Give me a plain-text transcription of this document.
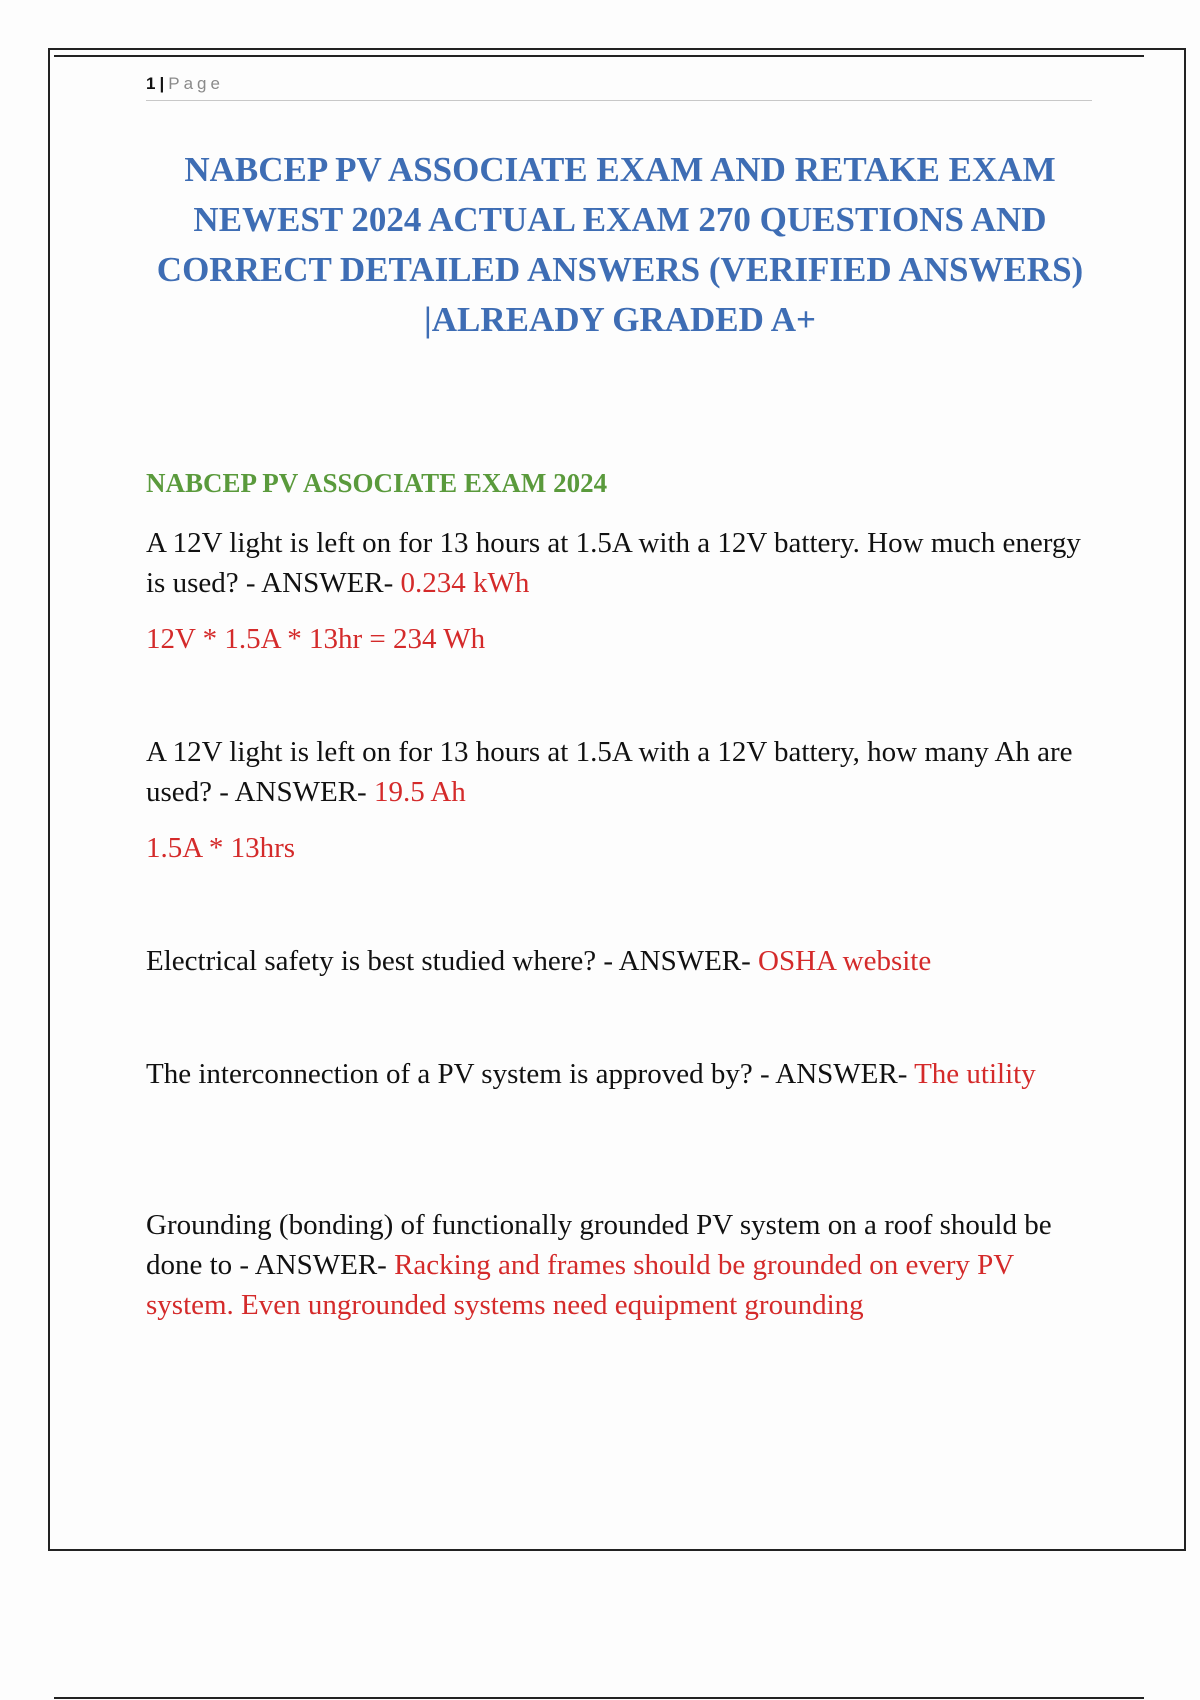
1 | Page
NABCEP PV ASSOCIATE EXAM AND RETAKE EXAM NEWEST 2024 ACTUAL EXAM 270 QUESTIONS AND CORRECT DETAILED ANSWERS (VERIFIED ANSWERS) |ALREADY GRADED A+
NABCEP PV ASSOCIATE EXAM 2024

A 12V light is left on for 13 hours at 1.5A with a 12V battery. How much energy is used? - ANSWER- 0.234 kWh

12V * 1.5A * 13hr = 234 Wh

A 12V light is left on for 13 hours at 1.5A with a 12V battery, how many Ah are used? - ANSWER- 19.5 Ah

1.5A * 13hrs

Electrical safety is best studied where? - ANSWER- OSHA website

The interconnection of a PV system is approved by? - ANSWER- The utility

Grounding (bonding) of functionally grounded PV system on a roof should be done to - ANSWER- Racking and frames should be grounded on every PV system. Even ungrounded systems need equipment grounding
